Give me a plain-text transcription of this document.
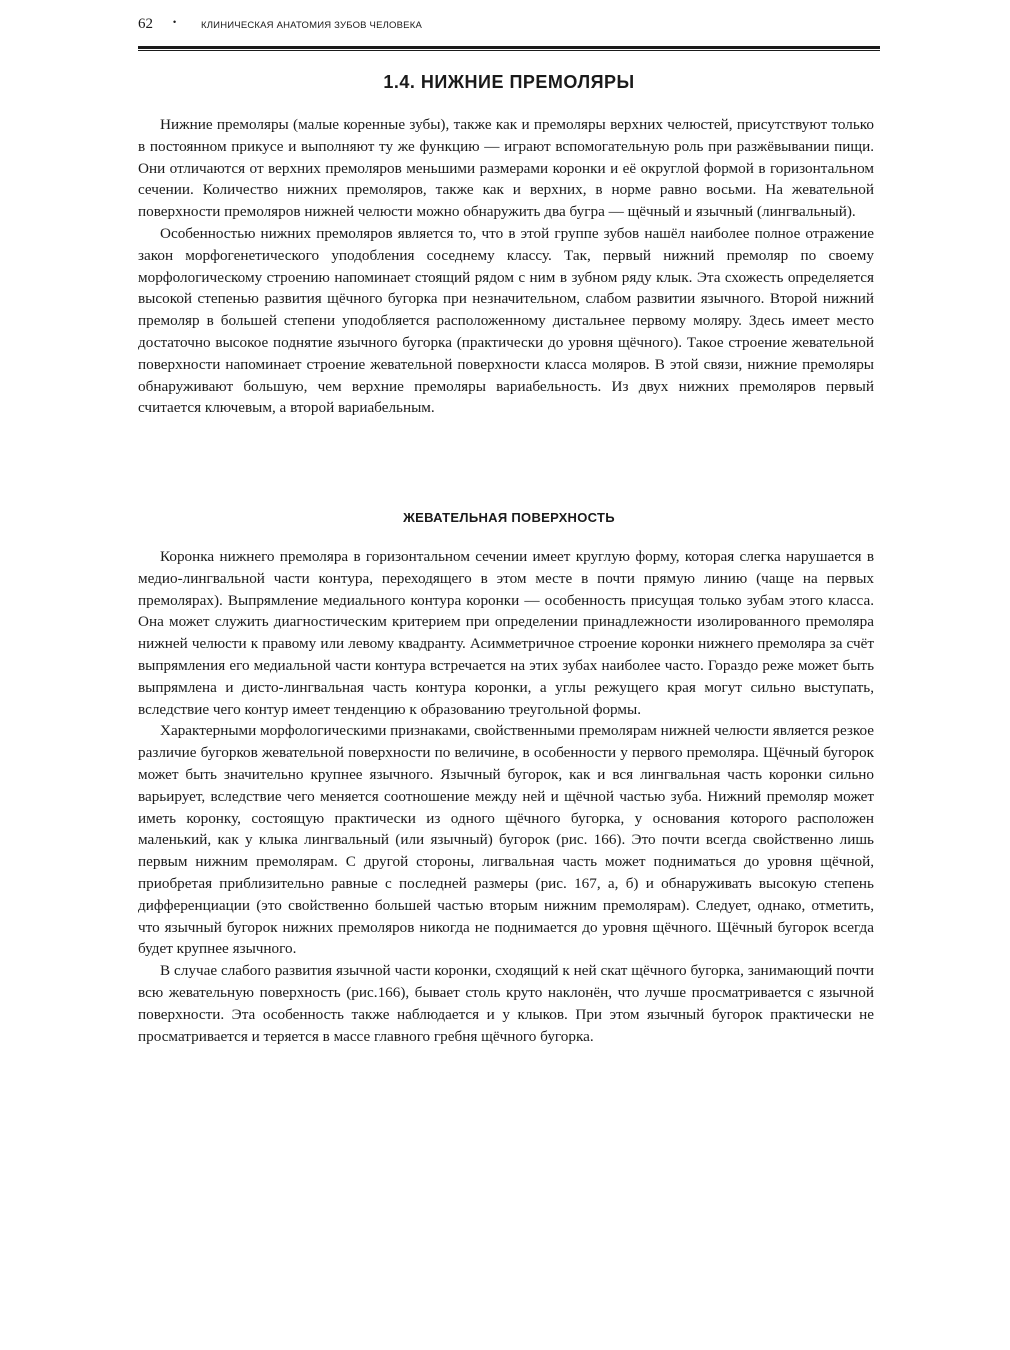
62 •	КЛИНИЧЕСКАЯ АНАТОМИЯ ЗУБОВ ЧЕЛОВЕКА
1.4. НИЖНИЕ ПРЕМОЛЯРЫ

Нижние премоляры (малые коренные зубы), также как и премоляры верхних челюстей, присутствуют только в постоянном прикусе и выполняют ту же функцию — играют вспомогательную роль при разжёвывании пищи. Они отличаются от верхних премоляров меньшими размерами коронки и её округлой формой в горизонтальном сечении. Количество нижних премоляров, также как и верхних, в норме равно восьми. На жевательной поверхности премоляров нижней челюсти можно обнаружить два бугра — щёчный и язычный (лингвальный).

Особенностью нижних премоляров является то, что в этой группе зубов нашёл наиболее полное отражение закон морфогенетического уподобления соседнему классу. Так, первый нижний премоляр по своему морфологическому строению напоминает стоящий рядом с ним в зубном ряду клык. Эта схожесть определяется высокой степенью развития щёчного бугорка при незначительном, слабом развитии язычного. Второй нижний премоляр в большей степени уподобляется расположенному дистальнее первому моляру. Здесь имеет место достаточно высокое поднятие язычного бугорка (практически до уровня щёчного). Такое строение жевательной поверхности напоминает строение жевательной поверхности класса моляров. В этой связи, нижние премоляры обнаруживают большую, чем верхние премоляры вариабельность. Из двух нижних премоляров первый считается ключевым, а второй вариабельным.

ЖЕВАТЕЛЬНАЯ ПОВЕРХНОСТЬ

Коронка нижнего премоляра в горизонтальном сечении имеет круглую форму, которая слегка нарушается в медио-лингвальной части контура, переходящего в этом месте в почти прямую линию (чаще на первых премолярах). Выпрямление медиального контура коронки — особенность присущая только зубам этого класса. Она может служить диагностическим критерием при определении принадлежности изолированного премоляра нижней челюсти к правому или левому квадранту. Асимметричное строение коронки нижнего премоляра за счёт выпрямления его медиальной части контура встречается на этих зубах наиболее часто. Гораздо реже может быть выпрямлена и дисто-лингвальная часть контура коронки, а углы режущего края могут сильно выступать, вследствие чего контур имеет тенденцию к образованию треугольной формы.

Характерными морфологическими признаками, свойственными премолярам нижней челюсти является резкое различие бугорков жевательной поверхности по величине, в особенности у первого премоляра. Щёчный бугорок может быть значительно крупнее язычного. Язычный бугорок, как и вся лингвальная часть коронки сильно варьирует, вследствие чего меняется соотношение между ней и щёчной частью зуба. Нижний премоляр может иметь коронку, состоящую практически из одного щёчного бугорка, у основания которого расположен маленький, как у клыка лингвальный (или язычный) бугорок (рис. 166). Это почти всегда свойственно лишь первым нижним премолярам. С другой стороны, лигвальная часть может подниматься до уровня щёчной, приобретая приблизительно равные с последней размеры (рис. 167, а, б) и обнаруживать высокую степень дифференциации (это свойственно большей частью вторым нижним премолярам). Следует, однако, отметить, что язычный бугорок нижних премоляров никогда не поднимается до уровня щёчного. Щёчный бугорок всегда будет крупнее язычного.

В случае слабого развития язычной части коронки, сходящий к ней скат щёчного бугорка, занимающий почти всю жевательную поверхность (рис.166), бывает столь круто наклонён, что лучше просматривается с язычной поверхности. Эта особенность также наблюдается и у клыков. При этом язычный бугорок практически не просматривается и теряется в массе главного гребня щёчного бугорка.
